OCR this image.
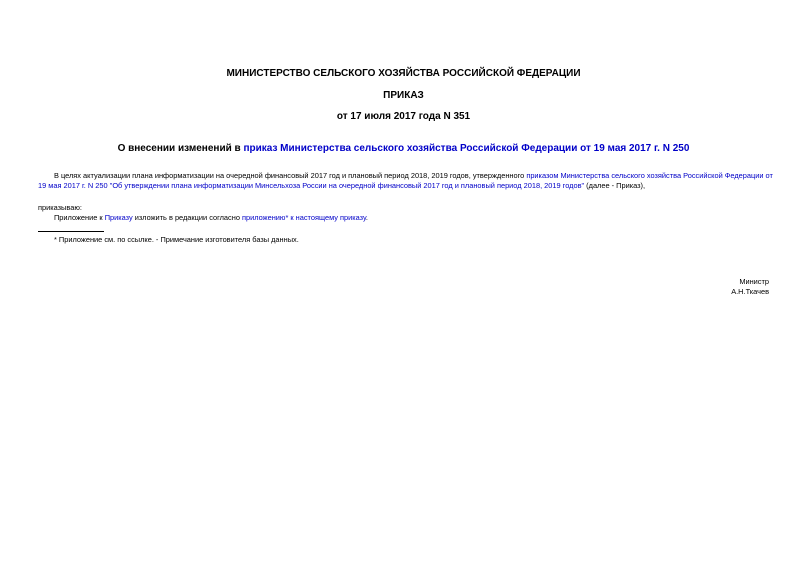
МИНИСТЕРСТВО СЕЛЬСКОГО ХОЗЯЙСТВА РОССИЙСКОЙ ФЕДЕРАЦИИ
ПРИКАЗ
от 17 июля 2017 года N 351
О внесении изменений в приказ Министерства сельского хозяйства Российской Федерации от 19 мая 2017 г. N 250
В целях актуализации плана информатизации на очередной финансовый 2017 год и плановый период 2018, 2019 годов, утвержденного приказом Министерства сельского хозяйства Российской Федерации от 19 мая 2017 г. N 250 "Об утверждении плана информатизации Минсельхоза России на очередной финансовый 2017 год и плановый период 2018, 2019 годов" (далее - Приказ),
приказываю:
Приложение к Приказу изложить в редакции согласно приложению* к настоящему приказу.
* Приложение см. по ссылке. - Примечание изготовителя базы данных.
Министр
А.Н.Ткачев
